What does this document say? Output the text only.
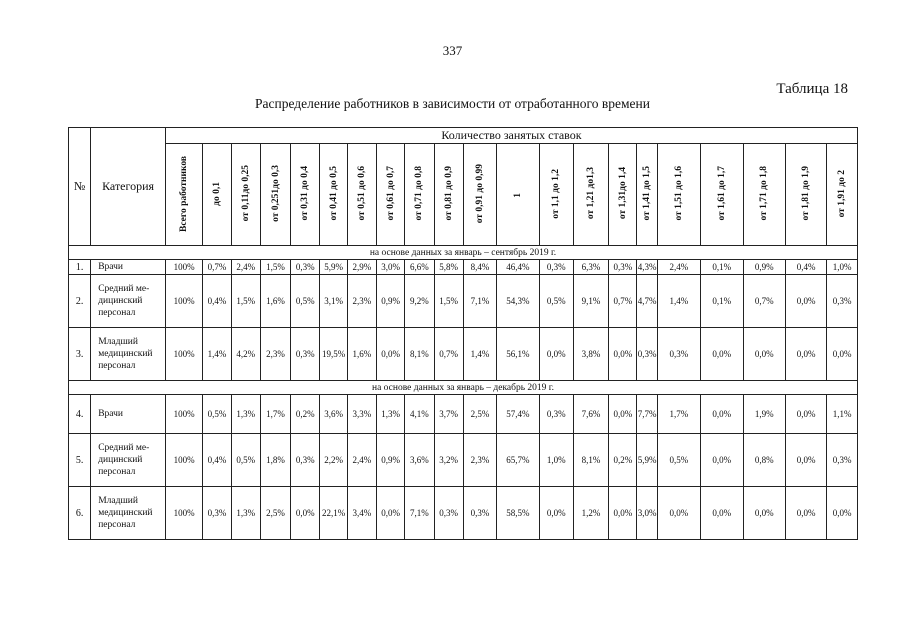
337
Таблица 18
Распределение работников в зависимости от отработанного времени
№	Категория	Количество занятых ставок																				
		Всего работников	до 0,1	от 0,11до 0,25	от 0,251до 0,3	от 0,31 до 0,4	от 0,41 до 0,5	от 0,51 до 0,6	от 0,61 до 0,7	от 0,71 до 0,8	от 0,81 до 0,9	от 0,91 до 0,99	1	от 1,1 до 1,2	от 1,21 до1,3	от 1,31до 1,4	от 1,41 до 1,5	от 1,51 до 1,6	от 1,61 до 1,7	от 1,71 до 1,8	от 1,81 до 1,9	от 1,91 до 2
на основе данных за январь – сентябрь 2019 г.																						
1.	Врачи	100%	0,7%	2,4%	1,5%	0,3%	5,9%	2,9%	3,0%	6,6%	5,8%	8,4%	46,4%	0,3%	6,3%	0,3%	4,3%	2,4%	0,1%	0,9%	0,4%	1,0%
2.	Средний ме-
дицинский
персонал	100%	0,4%	1,5%	1,6%	0,5%	3,1%	2,3%	0,9%	9,2%	1,5%	7,1%	54,3%	0,5%	9,1%	0,7%	4,7%	1,4%	0,1%	0,7%	0,0%	0,3%
3.	Младший
медицинский
персонал	100%	1,4%	4,2%	2,3%	0,3%	19,5%	1,6%	0,0%	8,1%	0,7%	1,4%	56,1%	0,0%	3,8%	0,0%	0,3%	0,3%	0,0%	0,0%	0,0%	0,0%
на основе данных за январь – декабрь 2019 г.																						
4.	Врачи	100%	0,5%	1,3%	1,7%	0,2%	3,6%	3,3%	1,3%	4,1%	3,7%	2,5%	57,4%	0,3%	7,6%	0,0%	7,7%	1,7%	0,0%	1,9%	0,0%	1,1%
5.	Средний ме-
дицинский
персонал	100%	0,4%	0,5%	1,8%	0,3%	2,2%	2,4%	0,9%	3,6%	3,2%	2,3%	65,7%	1,0%	8,1%	0,2%	5,9%	0,5%	0,0%	0,8%	0,0%	0,3%
6.	Младший
медицинский
персонал	100%	0,3%	1,3%	2,5%	0,0%	22,1%	3,4%	0,0%	7,1%	0,3%	0,3%	58,5%	0,0%	1,2%	0,0%	3,0%	0,0%	0,0%	0,0%	0,0%	0,0%
